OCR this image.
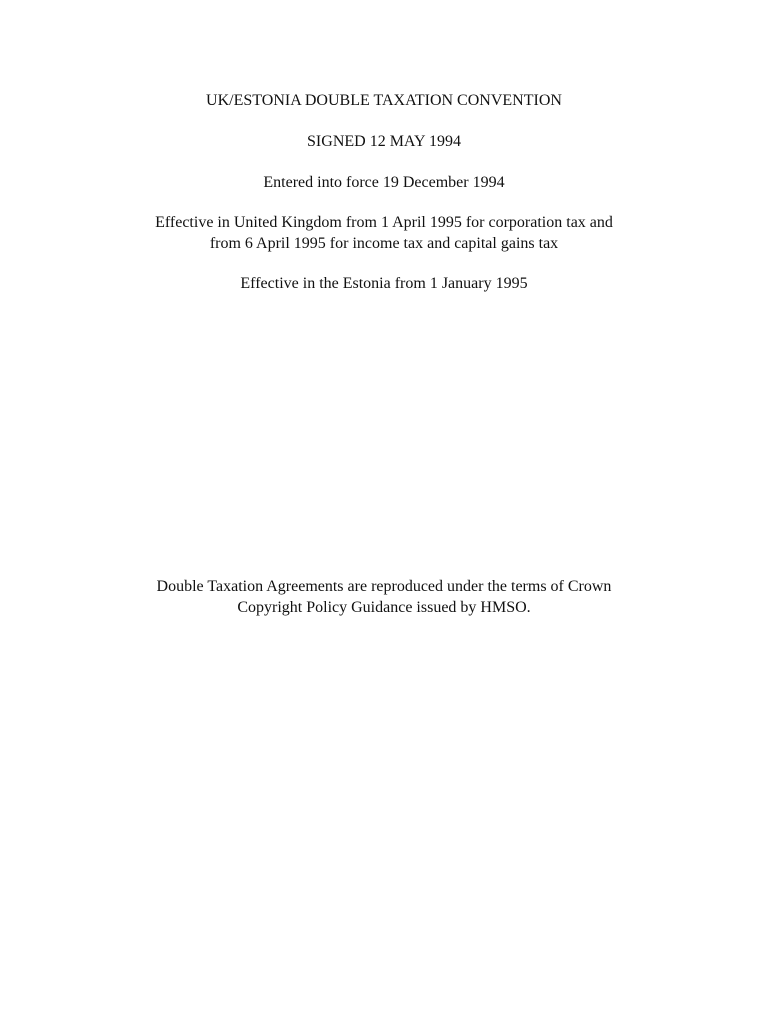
UK/ESTONIA DOUBLE TAXATION CONVENTION
SIGNED 12 MAY 1994
Entered into force 19 December 1994
Effective in United Kingdom from 1 April 1995 for corporation tax and
from 6 April 1995 for income tax and capital gains tax
Effective in the Estonia from 1 January 1995
Double Taxation Agreements are reproduced under the terms of Crown
Copyright Policy Guidance issued by HMSO.
